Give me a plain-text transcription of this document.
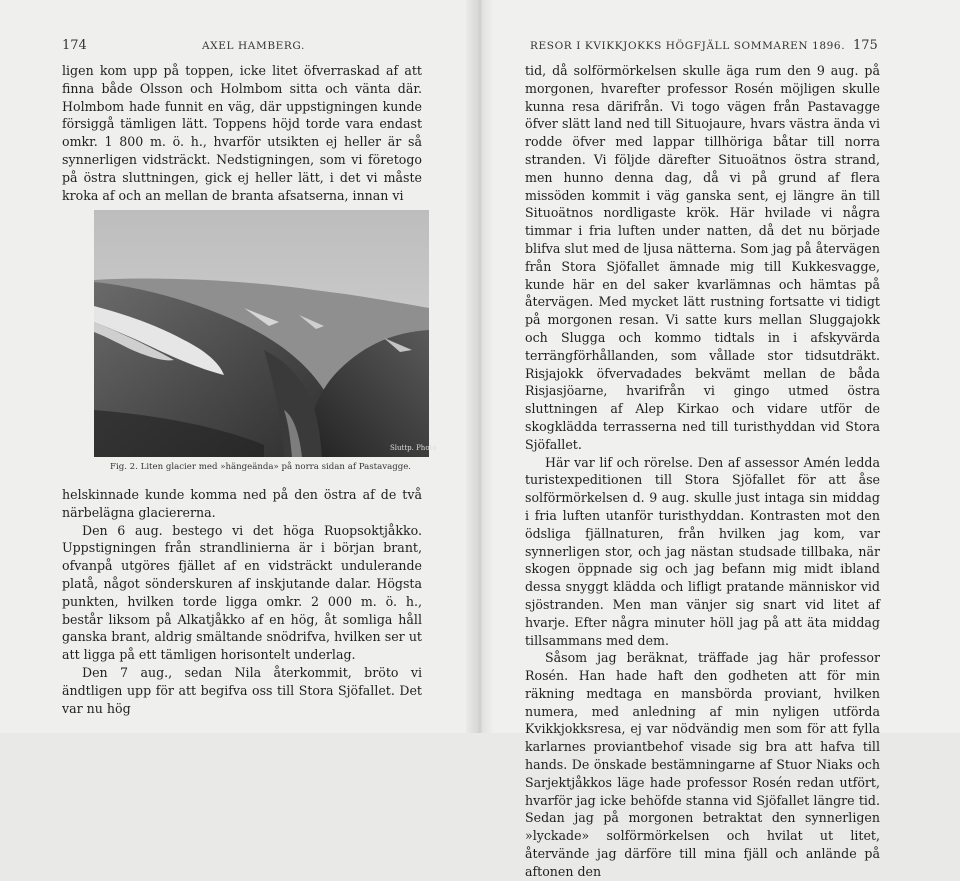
174	AXEL HAMBERG.

ligen kom upp på toppen, icke litet öfverraskad af att finna både Olsson och Holmbom sitta och vänta där. Holmbom hade funnit en väg, där uppstigningen kunde försiggå tämligen lätt. Toppens höjd torde vara endast omkr. 1 800 m. ö. h., hvarför utsikten ej heller är så synnerligen vidsträckt. Nedstigningen, som vi företogo på östra sluttningen, gick ej heller lätt, i det vi måste kroka af och an mellan de branta afsatserna, innan vi

Sluttp. Photo
Fig. 2. Liten glacier med »hängeända» på norra sidan af Pastavagge.

helskinnade kunde komma ned på den östra af de två närbelägna glaciererna.

Den 6 aug. bestego vi det höga Ruopsoktjåkko. Uppstigningen från strandlinierna är i början brant, ofvanpå utgöres fjället af en vidsträckt undulerande platå, något sönderskuren af inskjutande dalar. Högsta punkten, hvilken torde ligga omkr. 2 000 m. ö. h., består liksom på Alkatjåkko af en hög, åt somliga håll ganska brant, aldrig smältande snödrifva, hvilken ser ut att ligga på ett tämligen horisontelt underlag.

Den 7 aug., sedan Nila återkommit, bröto vi ändtligen upp för att begifva oss till Stora Sjöfallet. Det var nu hög

RESOR I KVIKKJOKKS HÖGFJÄLL SOMMAREN 1896. 175

tid, då solförmörkelsen skulle äga rum den 9 aug. på morgonen, hvarefter professor Rosén möjligen skulle kunna resa därifrån. Vi togo vägen från Pastavagge öfver slätt land ned till Situojaure, hvars västra ända vi rodde öfver med lappar tillhöriga båtar till norra stranden. Vi följde därefter Situoätnos östra strand, men hunno denna dag, då vi på grund af flera missöden kommit i väg ganska sent, ej längre än till Situoätnos nordligaste krök. Här hvilade vi några timmar i fria luften under natten, då det nu började blifva slut med de ljusa nätterna. Som jag på återvägen från Stora Sjöfallet ämnade mig till Kukkesvagge, kunde här en del saker kvarlämnas och hämtas på återvägen. Med mycket lätt rustning fortsatte vi tidigt på morgonen resan. Vi satte kurs mellan Sluggajokk och Slugga och kommo tidtals in i afskyvärda terrängförhållanden, som vållade stor tidsutdräkt. Risjajokk öfvervadades bekvämt mellan de båda Risjasjöarne, hvarifrån vi gingo utmed östra sluttningen af Alep Kirkao och vidare utför de skogklädda terrasserna ned till turisthyddan vid Stora Sjöfallet.

Här var lif och rörelse. Den af assessor Amén ledda turistexpeditionen till Stora Sjöfallet för att åse solförmörkelsen d. 9 aug. skulle just intaga sin middag i fria luften utanför turisthyddan. Kontrasten mot den ödsliga fjällnaturen, från hvilken jag kom, var synnerligen stor, och jag nästan studsade tillbaka, när skogen öppnade sig och jag befann mig midt ibland dessa snyggt klädda och lifligt pratande människor vid sjöstranden. Men man vänjer sig snart vid litet af hvarje. Efter några minuter höll jag på att äta middag tillsammans med dem.

Såsom jag beräknat, träffade jag här professor Rosén. Han hade haft den godheten att för min räkning medtaga en mansbörda proviant, hvilken numera, med anledning af min nyligen utförda Kvikkjokksresa, ej var nödvändig men som för att fylla karlarnes proviantbehof visade sig bra att hafva till hands. De önskade bestämningarne af Stuor Niaks och Sarjektjåkkos läge hade professor Rosén redan utfört, hvarför jag icke behöfde stanna vid Sjöfallet längre tid. Sedan jag på morgonen betraktat den synnerligen »lyckade» solförmörkelsen och hvilat ut litet, återvände jag därföre till mina fjäll och anlände på aftonen den
